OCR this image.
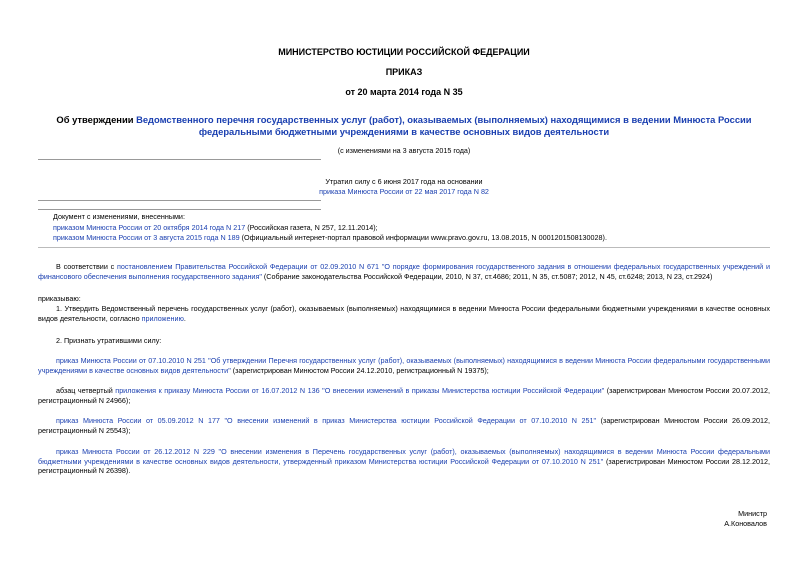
МИНИСТЕРСТВО ЮСТИЦИИ РОССИЙСКОЙ ФЕДЕРАЦИИ
ПРИКАЗ
от 20 марта 2014 года N 35
Об утверждении Ведомственного перечня государственных услуг (работ), оказываемых (выполняемых) находящимися в ведении Минюста России федеральными бюджетными учреждениями в качестве основных видов деятельности
(с изменениями на 3 августа 2015 года)
Утратил силу с 6 июня 2017 года на основании
приказа Минюста России от 22 мая 2017 года N 82
Документ с изменениями, внесенными:
приказом Минюста России от 20 октября 2014 года N 217 (Российская газета, N 257, 12.11.2014);
приказом Минюста России от 3 августа 2015 года N 189 (Официальный интернет-портал правовой информации www.pravo.gov.ru, 13.08.2015, N 0001201508130028).
В соответствии с постановлением Правительства Российской Федерации от 02.09.2010 N 671 "О порядке формирования государственного задания в отношении федеральных государственных учреждений и финансового обеспечения выполнения государственного задания" (Собрание законодательства Российской Федерации, 2010, N 37, ст.4686; 2011, N 35, ст.5087; 2012, N 45, ст.6248; 2013, N 23, ст.2924)
приказываю:
1. Утвердить Ведомственный перечень государственных услуг (работ), оказываемых (выполняемых) находящимися в ведении Минюста России федеральными бюджетными учреждениями в качестве основных видов деятельности, согласно приложению.
2. Признать утратившими силу:
приказ Минюста России от 07.10.2010 N 251 "Об утверждении Перечня государственных услуг (работ), оказываемых (выполняемых) находящимися в ведении Минюста России федеральными государственными учреждениями в качестве основных видов деятельности" (зарегистрирован Минюстом России 24.12.2010, регистрационный N 19375);
абзац четвертый приложения к приказу Минюста России от 16.07.2012 N 136 "О внесении изменений в приказы Министерства юстиции Российской Федерации" (зарегистрирован Минюстом России 20.07.2012, регистрационный N 24966);
приказ Минюста России от 05.09.2012 N 177 "О внесении изменений в приказ Министерства юстиции Российской Федерации от 07.10.2010 N 251" (зарегистрирован Минюстом России 26.09.2012, регистрационный N 25543);
приказ Минюста России от 26.12.2012 N 229 "О внесении изменения в Перечень государственных услуг (работ), оказываемых (выполняемых) находящимися в ведении Минюста России федеральными бюджетными учреждениями в качестве основных видов деятельности, утвержденный приказом Министерства юстиции Российской Федерации от 07.10.2010 N 251" (зарегистрирован Минюстом России 28.12.2012, регистрационный N 26398).
Министр
А.Коновалов
